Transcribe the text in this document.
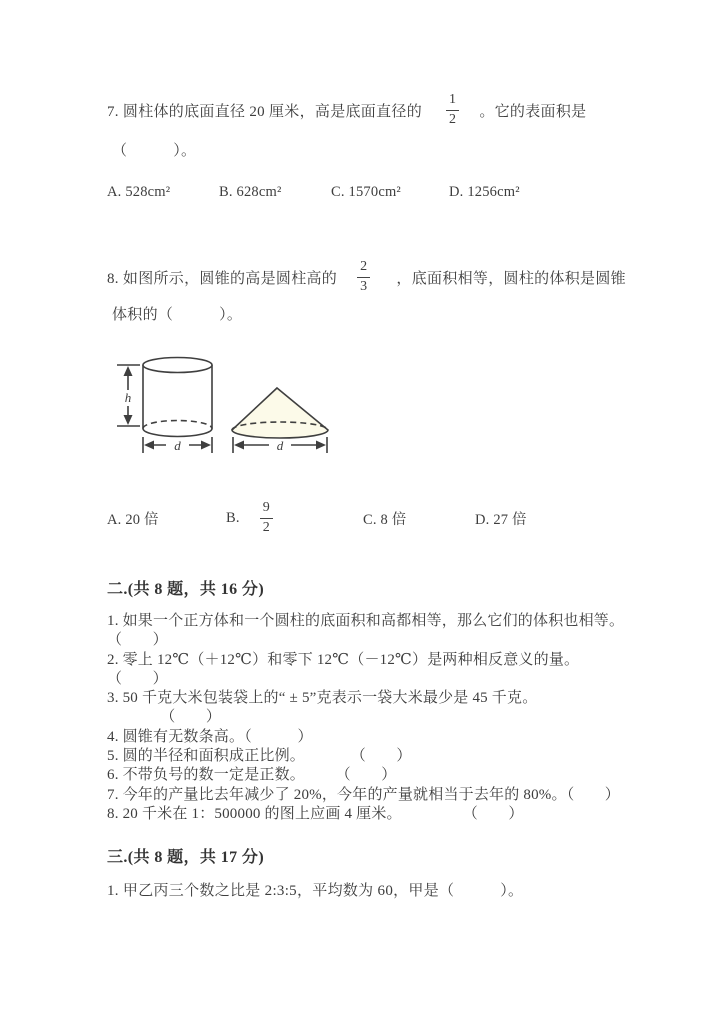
7. 圆柱体的底面直径 20 厘米，高是底面直径的 $\frac{1}{2}$ 。它的表面积是
（　　　）。
A. 528cm²	B. 628cm²	C. 1570cm²	D. 1256cm²
8. 如图所示，圆锥的高是圆柱高的 $\frac{2}{3}$ ，底面积相等，圆柱的体积是圆锥
体积的（　　　）。
h
d	d
A. 20 倍	B. $\frac{9}{2}$	C. 8 倍	D. 27 倍
二.(共 8 题，共 16 分)
1. 如果一个正方体和一个圆柱的底面积和高都相等，那么它们的体积也相等。
（　　）
2. 零上 12℃（＋12℃）和零下 12℃（－12℃）是两种相反意义的量。
（　　）
3. 50 千克大米包装袋上的“ ± 5”克表示一袋大米最少是 45 千克。
　　　　（　　）
4. 圆锥有无数条高。（　　　）
5. 圆的半径和面积成正比例。　　　　（　　）
6. 不带负号的数一定是正数。　　　（　　）
7. 今年的产量比去年减少了 20%，今年的产量就相当于去年的 80%。（　　）
8. 20 千米在 1：500000 的图上应画 4 厘米。　　　　　（　　）
三.(共 8 题，共 17 分)
1. 甲乙丙三个数之比是 2:3:5，平均数为 60，甲是（　　　）。
